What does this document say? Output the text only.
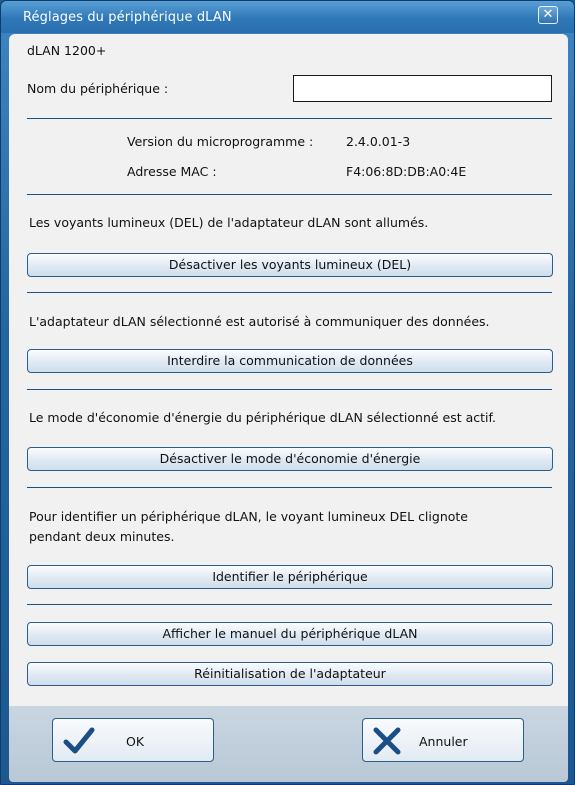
Réglages du périphérique dLAN	✕
dLAN 1200+
Nom du périphérique :
Version du microprogramme :	2.4.0.01-3
Adresse MAC :	F4:06:8D:DB:A0:4E
Les voyants lumineux (DEL) de l'adaptateur dLAN sont allumés.
Désactiver les voyants lumineux (DEL)
L'adaptateur dLAN sélectionné est autorisé à communiquer des données.
Interdire la communication de données
Le mode d'économie d'énergie du périphérique dLAN sélectionné est actif.
Désactiver le mode d'économie d'énergie
Pour identifier un périphérique dLAN, le voyant lumineux DEL clignote
pendant deux minutes.
Identifier le périphérique
Afficher le manuel du périphérique dLAN
Réinitialisation de l'adaptateur
OK	Annuler
